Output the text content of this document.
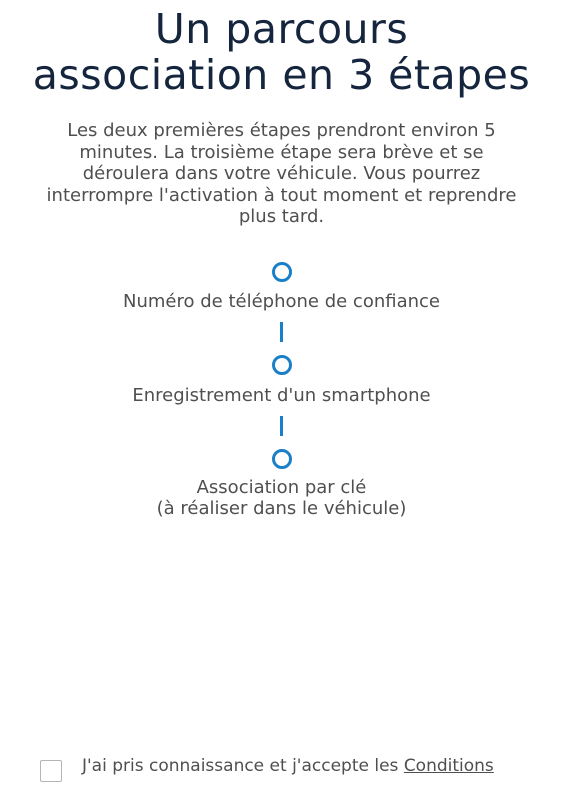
Un parcours
association en 3 étapes

Les deux premières étapes prendront environ 5 minutes. La troisième étape sera brève et se déroulera dans votre véhicule. Vous pourrez interrompre l'activation à tout moment et reprendre plus tard.

Numéro de téléphone de confiance
Enregistrement d'un smartphone
Association par clé
(à réaliser dans le véhicule)
J'ai pris connaissance et j'accepte les Conditions
